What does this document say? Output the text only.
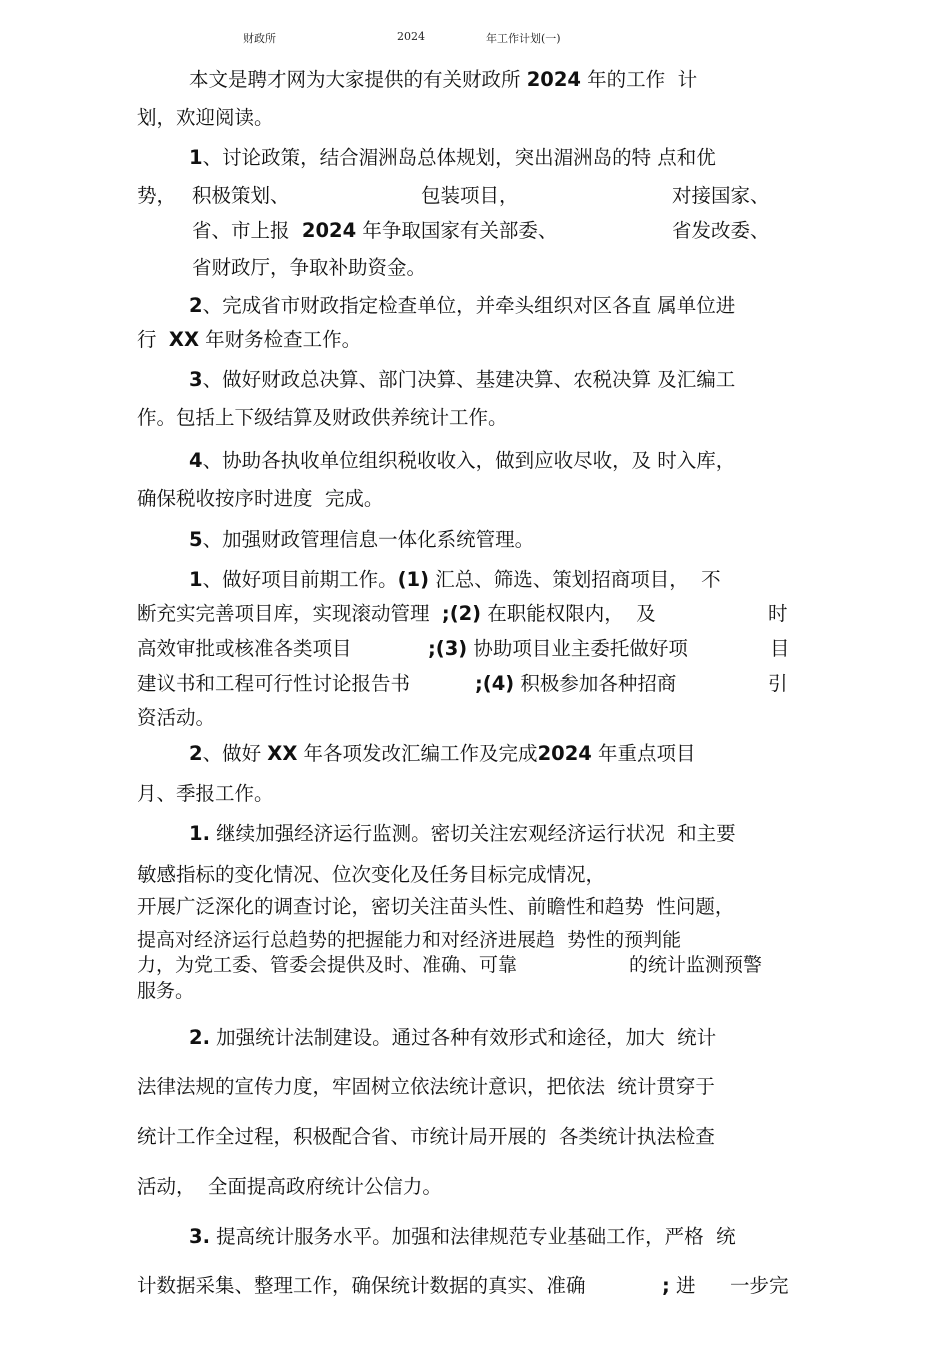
财政所	2024	年工作计划(一)
本文是聘才网为大家提供的有关财政所 2024 年的工作  计
划，欢迎阅读。
1、讨论政策，结合湄洲岛总体规划，突出湄洲岛的特 点和优
势， 积极策划、	包装项目，	对接国家、
省、市上报  2024 年争取国家有关部委、	省发改委、
省财政厅，争取补助资金。
2、完成省市财政指定检查单位，并牵头组织对区各直 属单位进
行  XX 年财务检查工作。
3、做好财政总决算、部门决算、基建决算、农税决算 及汇编工
作。包括上下级结算及财政供养统计工作。
4、协助各执收单位组织税收收入，做到应收尽收，及 时入库，
确保税收按序时进度  完成。
5、加强财政管理信息一体化系统管理。
1、做好项目前期工作。(1) 汇总、筛选、策划招商项目，  不
断充实完善项目库，实现滚动管理  ;(2) 在职能权限内，  及	时
高效审批或核准各类项目	;(3) 协助项目业主委托做好项	目
建议书和工程可行性讨论报告书	;(4) 积极参加各种招商	引
资活动。
2、做好 XX 年各项发改汇编工作及完成2024 年重点项目
月、季报工作。
1. 继续加强经济运行监测。密切关注宏观经济运行状况  和主要
敏感指标的变化情况、位次变化及任务目标完成情况，
开展广泛深化的调查讨论，密切关注苗头性、前瞻性和趋势  性问题，
提高对经济运行总趋势的把握能力和对经济进展趋  势性的预判能
力，为党工委、管委会提供及时、准确、可靠	的统计监测预警
服务。
2. 加强统计法制建设。通过各种有效形式和途径，加大  统计
法律法规的宣传力度，牢固树立依法统计意识，把依法  统计贯穿于
统计工作全过程，积极配合省、市统计局开展的  各类统计执法检查
活动，  全面提高政府统计公信力。
3. 提高统计服务水平。加强和法律规范专业基础工作，严格  统
计数据采集、整理工作，确保统计数据的真实、准确	; 进 一步完
